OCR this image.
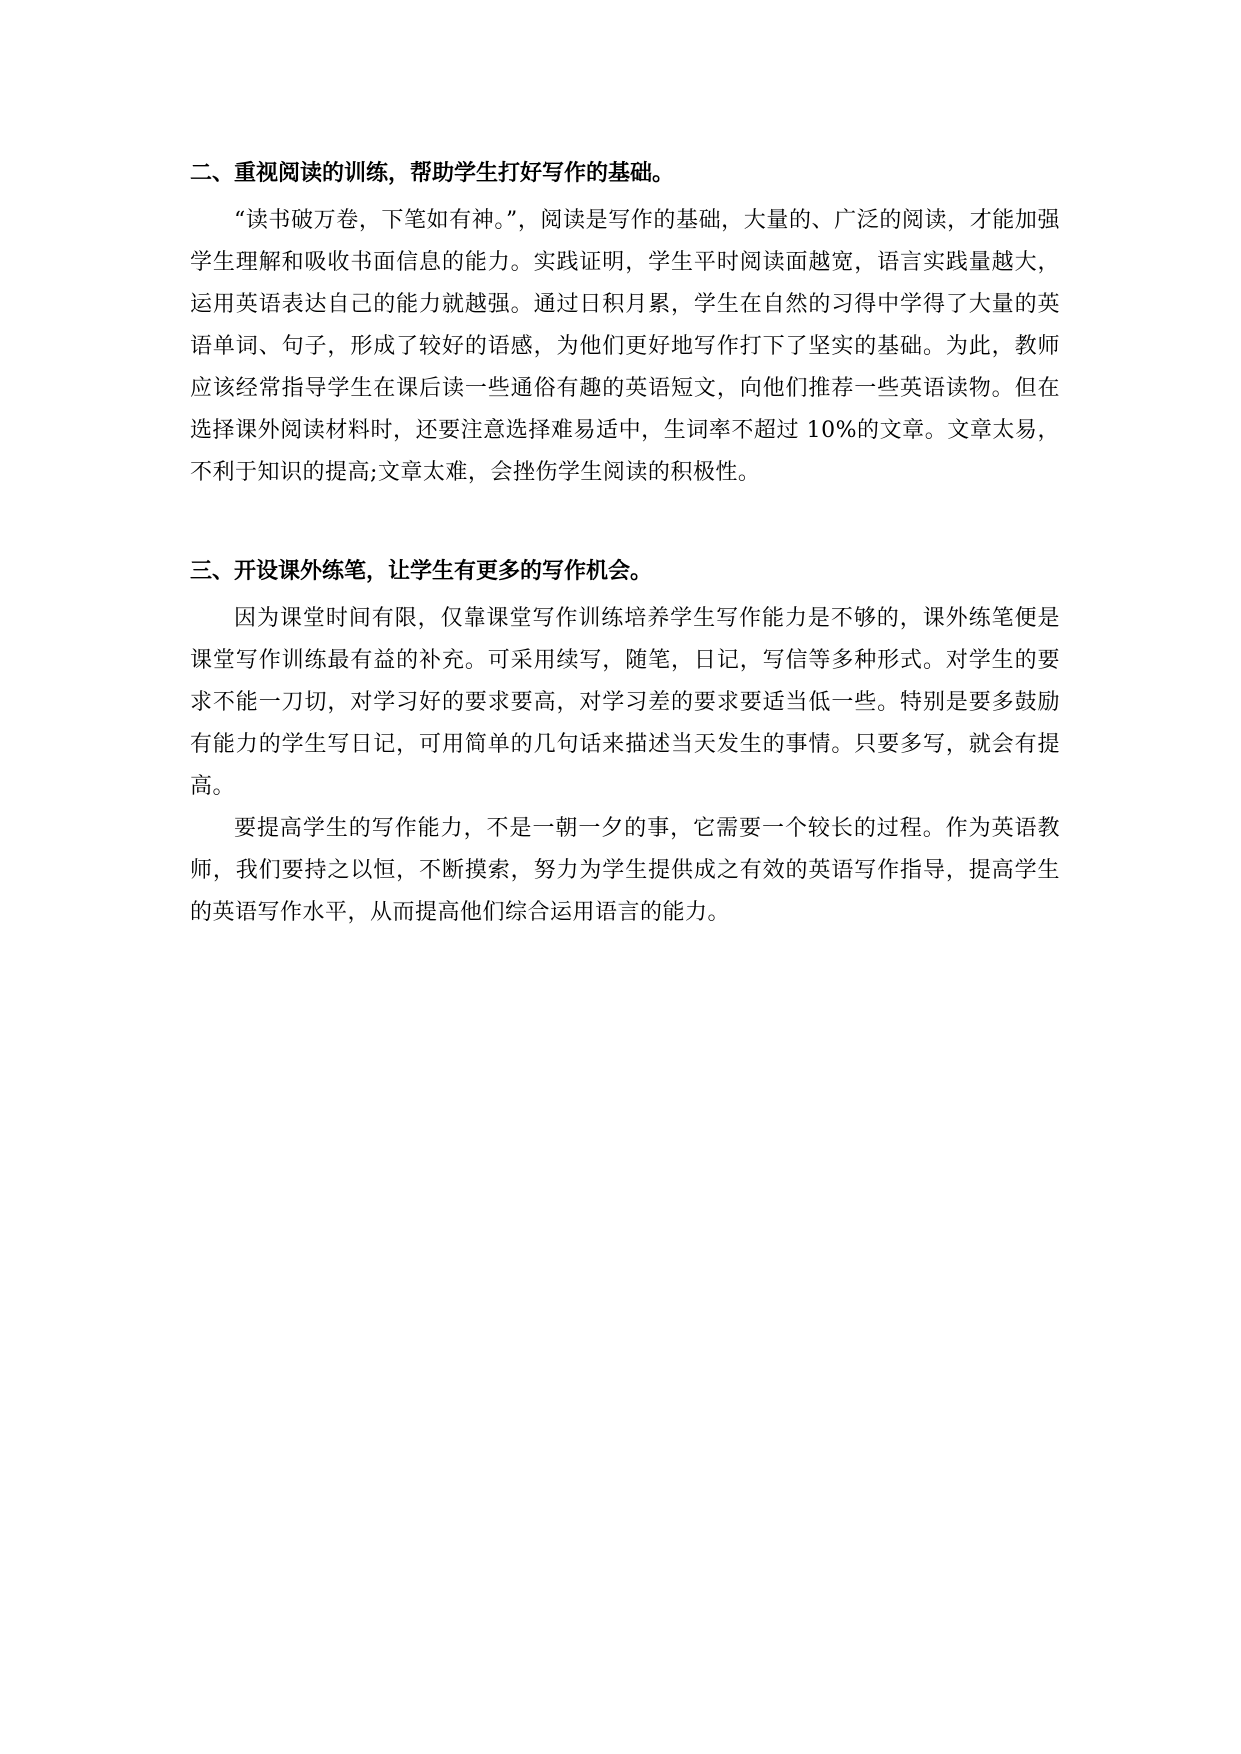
二、重视阅读的训练，帮助学生打好写作的基础。

“读书破万卷，下笔如有神。”，阅读是写作的基础，大量的、广泛的阅读，才能加强学生理解和吸收书面信息的能力。实践证明，学生平时阅读面越宽，语言实践量越大，运用英语表达自己的能力就越强。通过日积月累，学生在自然的习得中学得了大量的英语单词、句子，形成了较好的语感，为他们更好地写作打下了坚实的基础。为此，教师应该经常指导学生在课后读一些通俗有趣的英语短文，向他们推荐一些英语读物。但在选择课外阅读材料时，还要注意选择难易适中，生词率不超过 10%的文章。文章太易，不利于知识的提高;文章太难，会挫伤学生阅读的积极性。

三、开设课外练笔，让学生有更多的写作机会。

因为课堂时间有限，仅靠课堂写作训练培养学生写作能力是不够的，课外练笔便是课堂写作训练最有益的补充。可采用续写，随笔，日记，写信等多种形式。对学生的要求不能一刀切，对学习好的要求要高，对学习差的要求要适当低一些。特别是要多鼓励有能力的学生写日记，可用简单的几句话来描述当天发生的事情。只要多写，就会有提高。

要提高学生的写作能力，不是一朝一夕的事，它需要一个较长的过程。作为英语教师，我们要持之以恒，不断摸索，努力为学生提供成之有效的英语写作指导，提高学生的英语写作水平，从而提高他们综合运用语言的能力。
